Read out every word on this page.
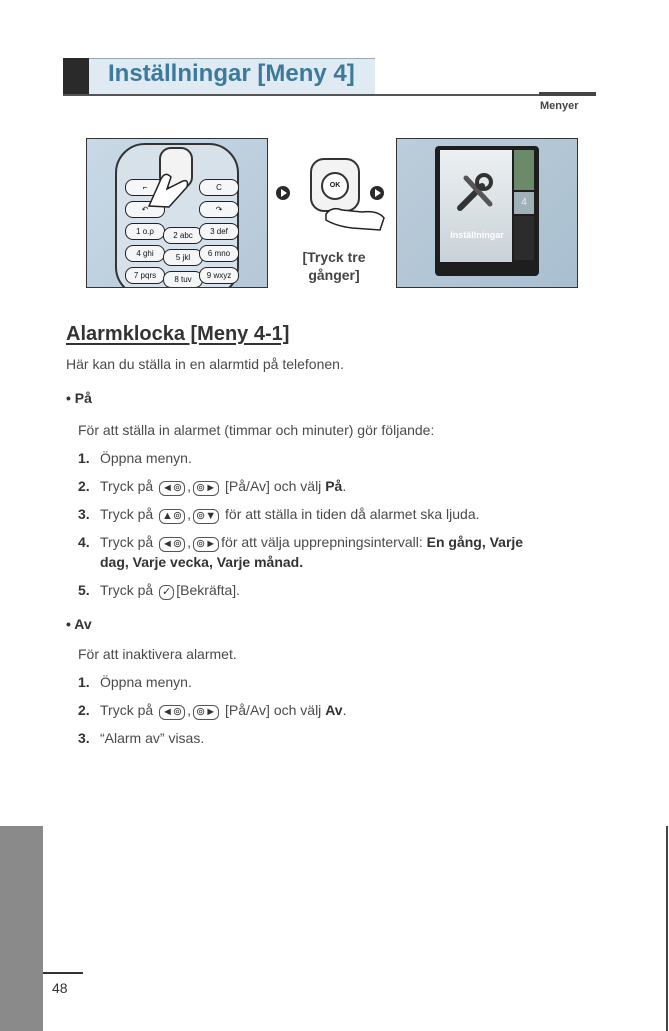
Inställningar [Meny 4]
Menyer
⌐	C
↶	↷
1 ο.ρ	2 abc	3 def
4 ghi	5 jkl	6 mno
7 pqrs	8 tuv	9 wxyz
OK
[Tryck tre
gånger]
4
Inställningar
Alarmklocka [Meny 4-1]
Här kan du ställa in en alarmtid på telefonen.
• På
För att ställa in alarmet (timmar och minuter) gör följande:
1. Öppna menyn.
2. Tryck på ◄⊚ , ⊚► [På/Av] och välj På.
3. Tryck på ▲⊚ , ⊚▼ för att ställa in tiden då alarmet ska ljuda.
4. Tryck på ◄⊚ , ⊚► för att välja upprepningsintervall: En gång, Varje
dag, Varje vecka, Varje månad.
5. Tryck på ✓ [Bekräfta].
• Av
För att inaktivera alarmet.
1. Öppna menyn.
2. Tryck på ◄⊚ , ⊚► [På/Av] och välj Av.
3. “Alarm av” visas.
48
